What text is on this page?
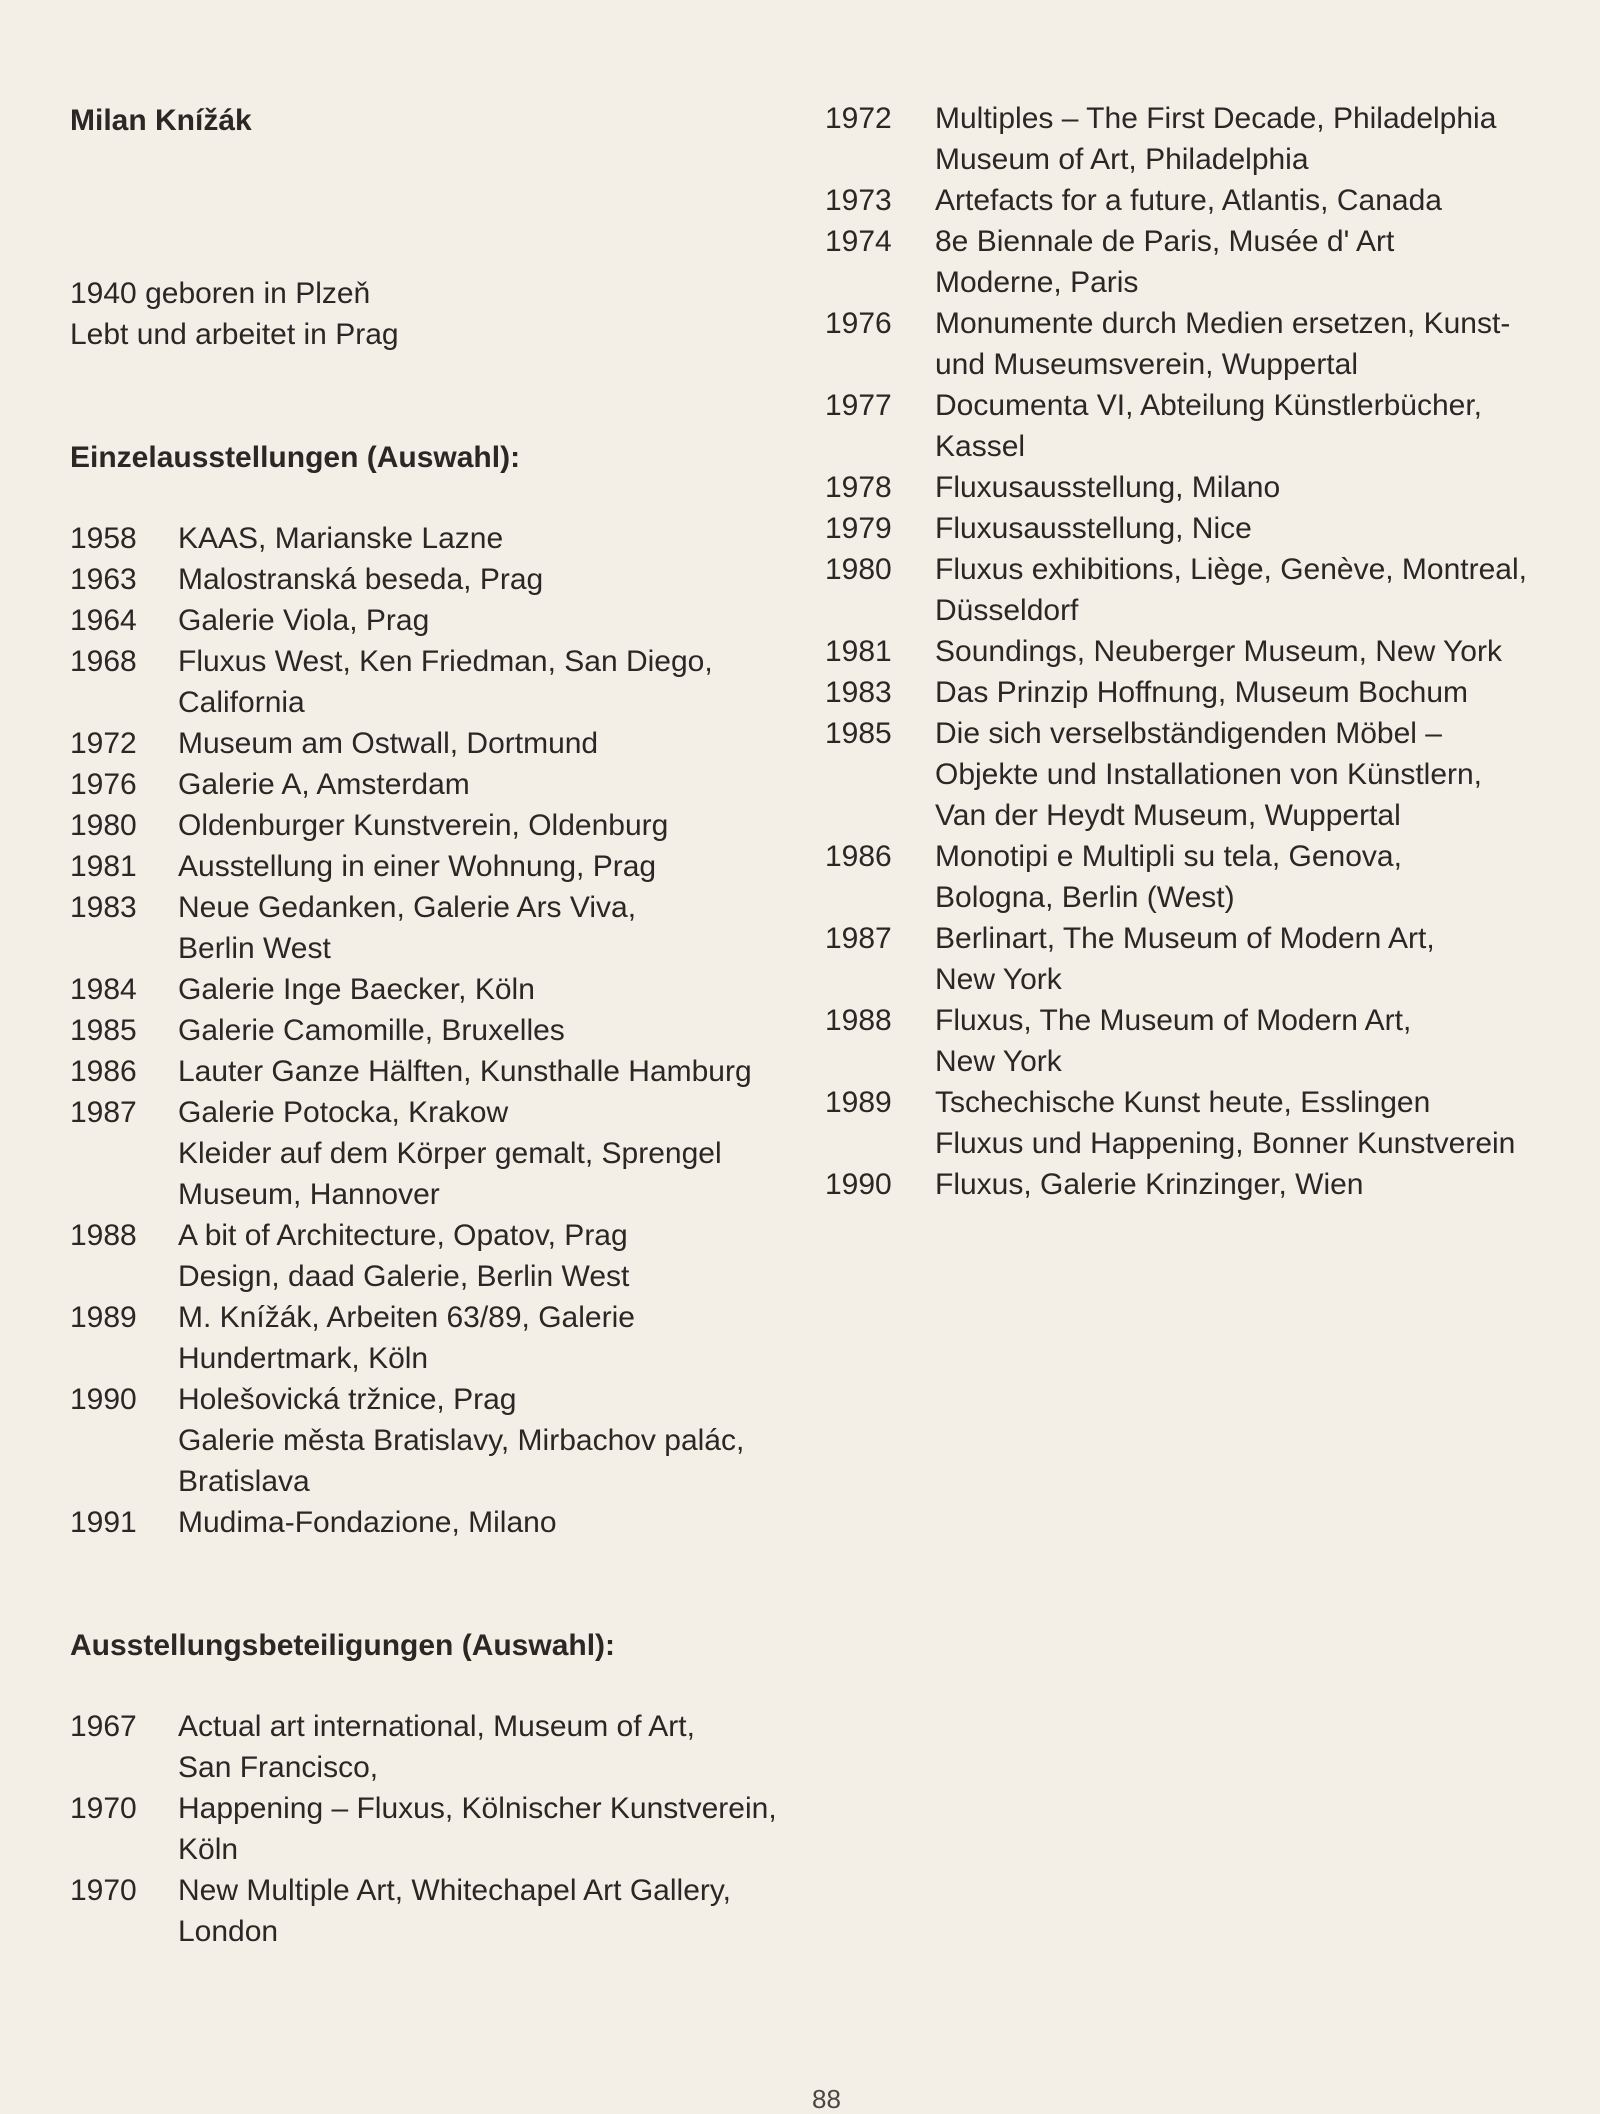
Milan Knížák
1940 geboren in Plzeň
Lebt und arbeitet in Prag
Einzelausstellungen (Auswahl):
1958	KAAS, Marianske Lazne
1963	Malostranská beseda, Prag
1964	Galerie Viola, Prag
1968	Fluxus West, Ken Friedman, San Diego,
California
1972	Museum am Ostwall, Dortmund
1976	Galerie A, Amsterdam
1980	Oldenburger Kunstverein, Oldenburg
1981	Ausstellung in einer Wohnung, Prag
1983	Neue Gedanken, Galerie Ars Viva,
Berlin West
1984	Galerie Inge Baecker, Köln
1985	Galerie Camomille, Bruxelles
1986	Lauter Ganze Hälften, Kunsthalle Hamburg
1987	Galerie Potocka, Krakow
Kleider auf dem Körper gemalt, Sprengel
Museum, Hannover
1988	A bit of Architecture, Opatov, Prag
Design, daad Galerie, Berlin West
1989	M. Knížák, Arbeiten 63/89, Galerie
Hundertmark, Köln
1990	Holešovická tržnice, Prag
Galerie města Bratislavy, Mirbachov palác,
Bratislava
1991	Mudima-Fondazione, Milano
Ausstellungsbeteiligungen (Auswahl):
1967	Actual art international, Museum of Art,
San Francisco,
1970	Happening – Fluxus, Kölnischer Kunstverein,
Köln
1970	New Multiple Art, Whitechapel Art Gallery,
London
1972	Multiples – The First Decade, Philadelphia
Museum of Art, Philadelphia
1973	Artefacts for a future, Atlantis, Canada
1974	8e Biennale de Paris, Musée d' Art
Moderne, Paris
1976	Monumente durch Medien ersetzen, Kunst-
und Museumsverein, Wuppertal
1977	Documenta VI, Abteilung Künstlerbücher,
Kassel
1978	Fluxusausstellung, Milano
1979	Fluxusausstellung, Nice
1980	Fluxus exhibitions, Liège, Genève, Montreal,
Düsseldorf
1981	Soundings, Neuberger Museum, New York
1983	Das Prinzip Hoffnung, Museum Bochum
1985	Die sich verselbständigenden Möbel –
Objekte und Installationen von Künstlern,
Van der Heydt Museum, Wuppertal
1986	Monotipi e Multipli su tela, Genova,
Bologna, Berlin (West)
1987	Berlinart, The Museum of Modern Art,
New York
1988	Fluxus, The Museum of Modern Art,
New York
1989	Tschechische Kunst heute, Esslingen
Fluxus und Happening, Bonner Kunstverein
1990	Fluxus, Galerie Krinzinger, Wien
88
